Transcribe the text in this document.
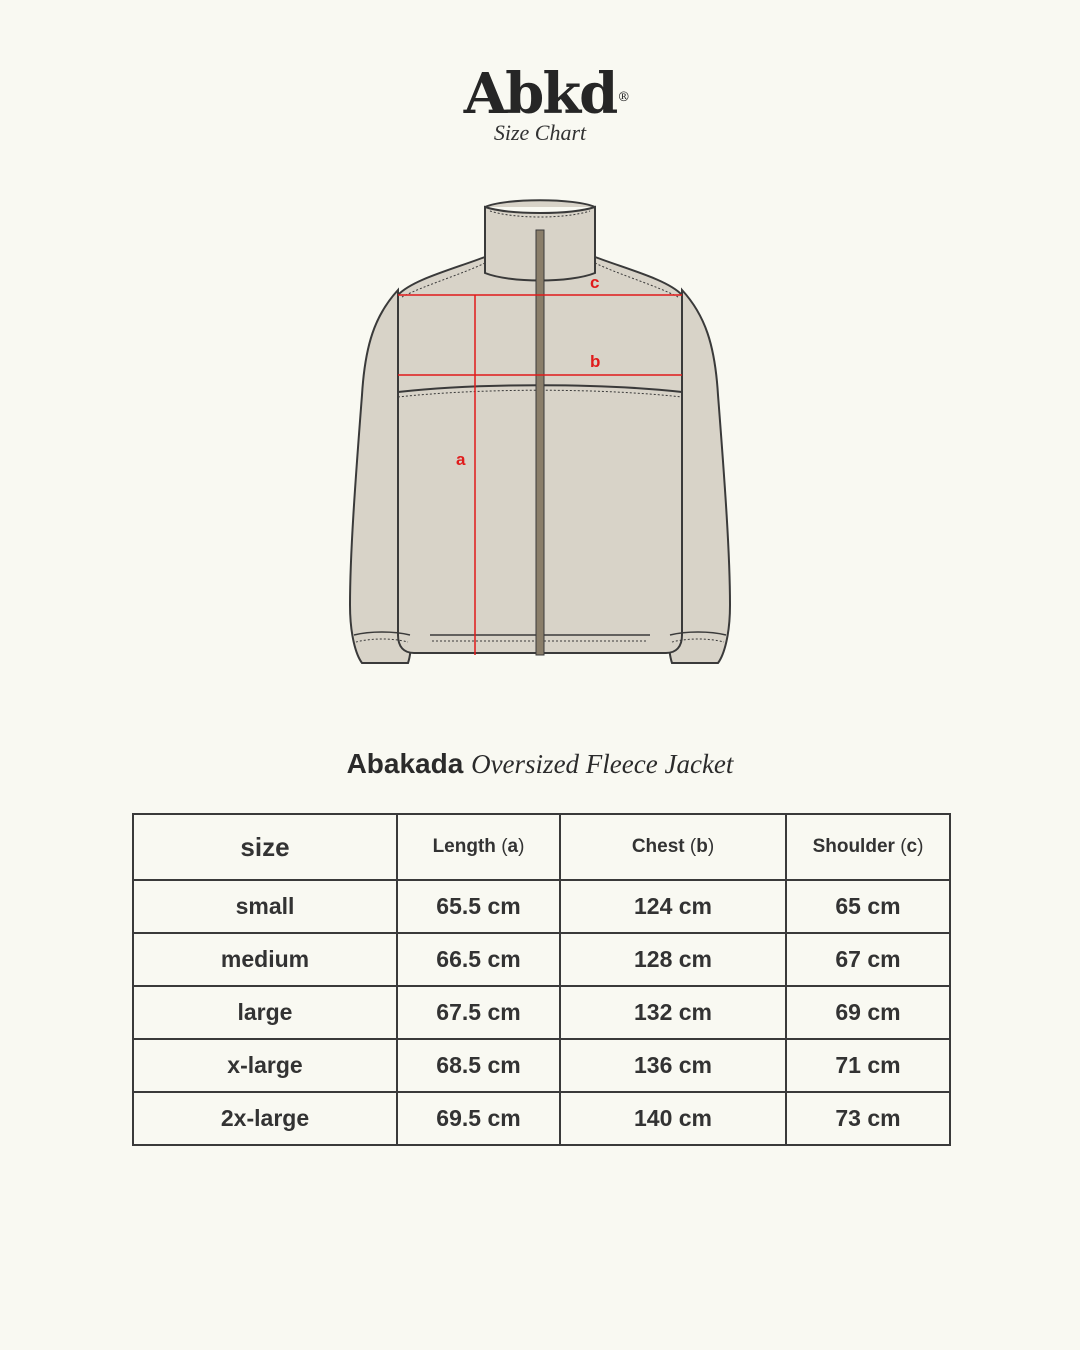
Abkd ®
Size Chart
c
b
a
Abakada Oversized Fleece Jacket
size	Length (a)	Chest (b)	Shoulder (c)
small	65.5 cm	124 cm	65 cm
medium	66.5 cm	128 cm	67 cm
large	67.5 cm	132 cm	69 cm
x-large	68.5 cm	136 cm	71 cm
2x-large	69.5 cm	140 cm	73 cm
